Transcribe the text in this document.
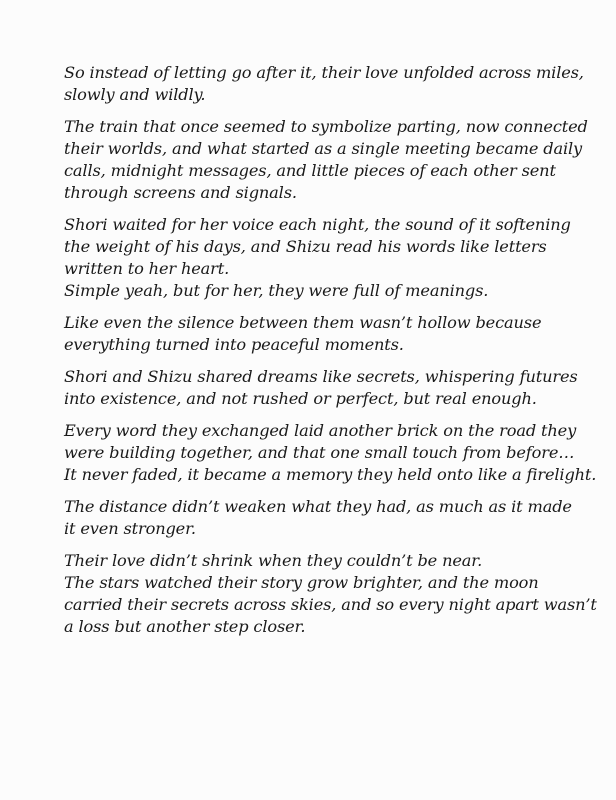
So instead of letting go after it, their love unfolded across miles,
slowly and wildly.

The train that once seemed to symbolize parting, now connected
their worlds, and what started as a single meeting became daily
calls, midnight messages, and little pieces of each other sent
through screens and signals.

Shori waited for her voice each night, the sound of it softening
the weight of his days, and Shizu read his words like letters
written to her heart.
Simple yeah, but for her, they were full of meanings.

Like even the silence between them wasn’t hollow because
everything turned into peaceful moments.

Shori and Shizu shared dreams like secrets, whispering futures
into existence, and not rushed or perfect, but real enough.

Every word they exchanged laid another brick on the road they
were building together, and that one small touch from before…
It never faded, it became a memory they held onto like a firelight.

The distance didn’t weaken what they had, as much as it made
it even stronger.

Their love didn’t shrink when they couldn’t be near.
The stars watched their story grow brighter, and the moon
carried their secrets across skies, and so every night apart wasn’t
a loss but another step closer.
